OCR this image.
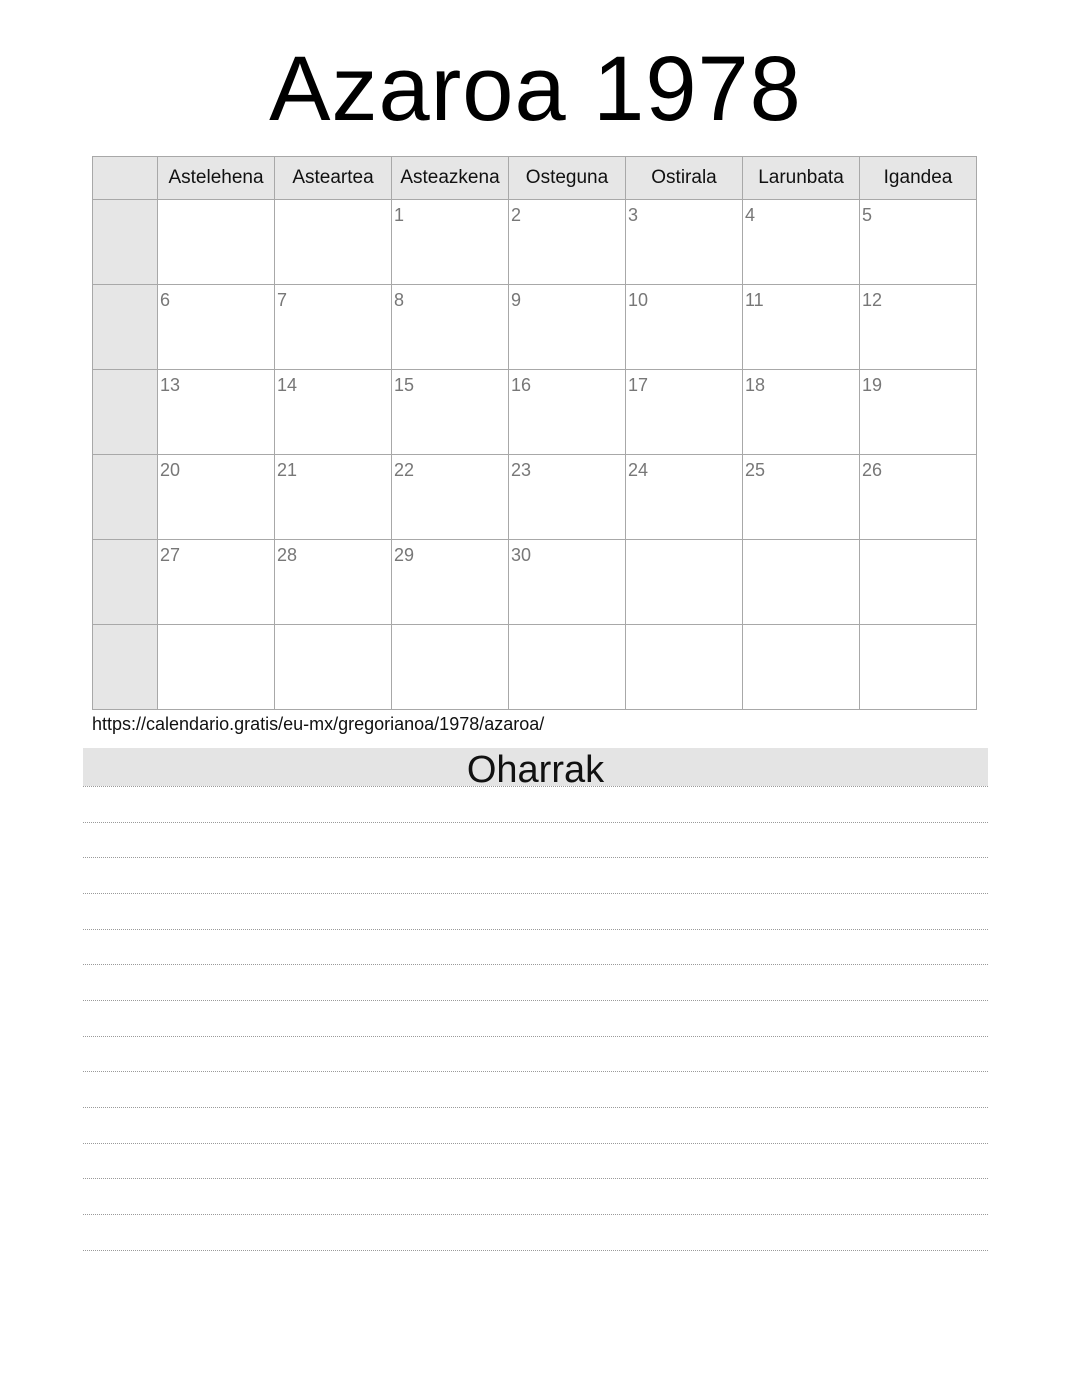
Azaroa 1978
	Astelehena	Asteartea	Asteazkena	Osteguna	Ostirala	Larunbata	Igandea

			1	2	3	4	5

	6	7	8	9	10	11	12

	13	14	15	16	17	18	19

	20	21	22	23	24	25	26

	27	28	29	30			

https://calendario.gratis/eu-mx/gregorianoa/1978/azaroa/
Oharrak
